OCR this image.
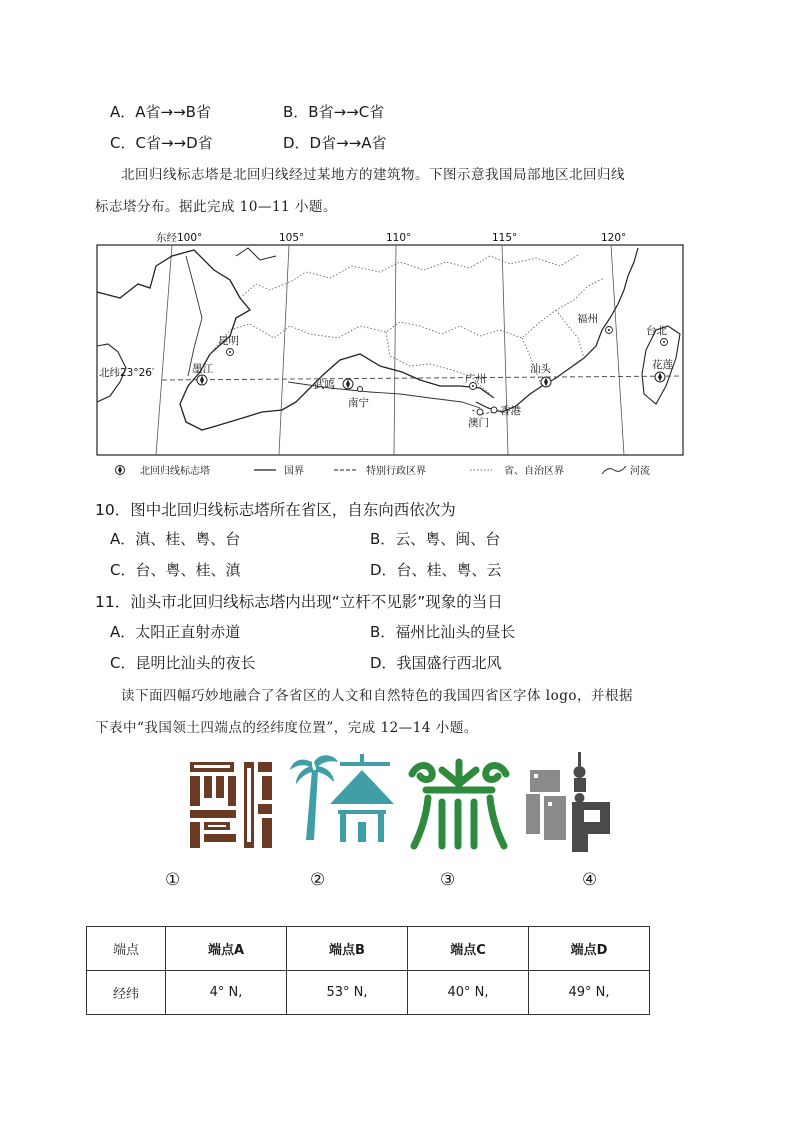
A．A省→→B省	B．B省→→C省
C．C省→→D省	D．D省→→A省
北回归线标志塔是北回归线经过某地方的建筑物。下图示意我国局部地区北回归线
标志塔分布。据此完成 10—11 小题。
东经100°	105°	110°	115°	120°
北纬23°26′
昆明
墨江
武鸣
南宁
广州
汕头
香港
澳门
福州
台北
花莲
北回归线标志塔	国界	特别行政区界	省、自治区界	河流
10．图中北回归线标志塔所在省区，自东向西依次为
A．滇、桂、粤、台	B．云、粤、闽、台
C．台、粤、桂、滇	D．台、桂、粤、云
11．汕头市北回归线标志塔内出现“立杆不见影”现象的当日
A．太阳正直射赤道	B．福州比汕头的昼长
C．昆明比汕头的夜长	D．我国盛行西北风
读下面四幅巧妙地融合了各省区的人文和自然特色的我国四省区字体 logo，并根据
下表中“我国领土四端点的经纬度位置”，完成 12—14 小题。
①	②	③	④
端点	端点A	端点B	端点C	端点D
经纬	4° N,	53° N,	40° N,	49° N,
